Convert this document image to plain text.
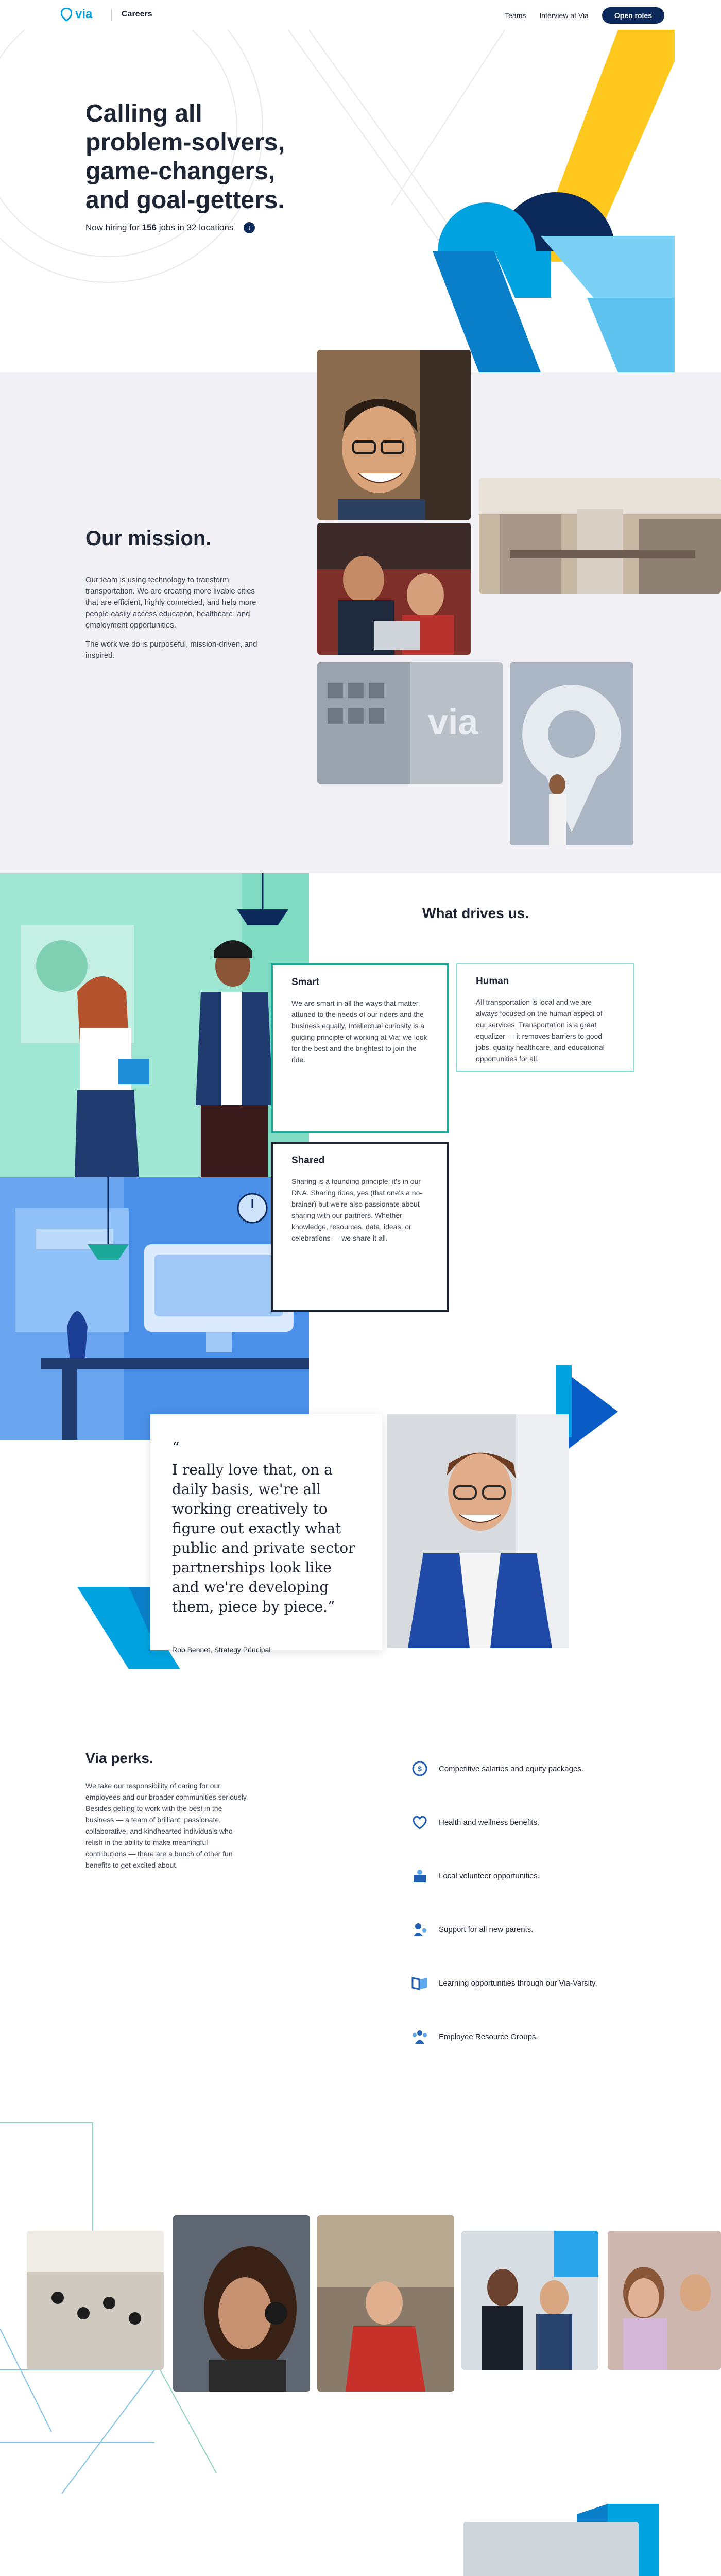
via	Careers	Teams Interview at Via	Open roles
Calling all problem-solvers, game-changers, and goal-getters.
Now hiring for 156 jobs in 32 locations	↓
Our mission.

Our team is using technology to transform transportation. We are creating more livable cities that are efficient, highly connected, and help more people easily access education, healthcare, and employment opportunities.

The work we do is purposeful, mission-driven, and inspired.

via
What drives us.
Smart

We are smart in all the ways that matter, attuned to the needs of our riders and the business equally. Intellectual curiosity is a guiding principle of working at Via; we look for the best and the brightest to join the ride.

Human

All transportation is local and we are always focused on the human aspect of our services. Transportation is a great equalizer — it removes barriers to good jobs, quality healthcare, and educational opportunities for all.

Shared

Sharing is a founding principle; it's in our DNA. Sharing rides, yes (that one's a no-brainer) but we're also passionate about sharing with our partners. Whether knowledge, resources, data, ideas, or celebrations — we share it all.

“
I really love that, on a daily basis, we're all working creatively to figure out exactly what public and private sector partnerships look like and we're developing them, piece by piece.”
Rob Bennet, Strategy Principal
Via perks.
We take our responsibility of caring for our employees and our broader communities seriously. Besides getting to work with the best in the business — a team of brilliant, passionate, collaborative, and kindhearted individuals who relish in the ability to make meaningful contributions — there are a bunch of other fun benefits to get excited about.
$ Competitive salaries and equity packages.
Health and wellness benefits.
Local volunteer opportunities.
Support for all new parents.
Learning opportunities through our Via-Varsity.
Employee Resource Groups.
